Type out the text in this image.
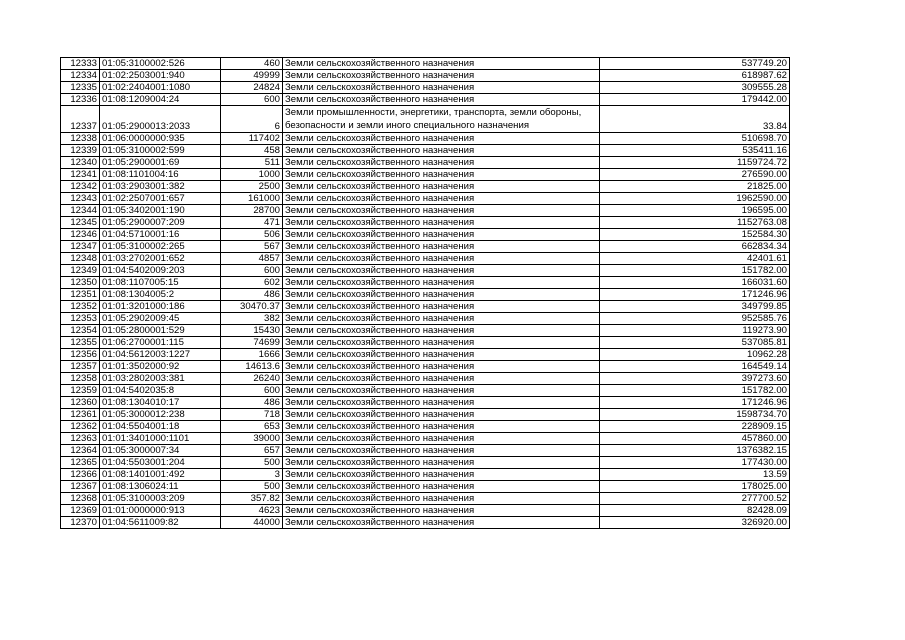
12333	01:05:3100002:526	460	Земли сельскохозяйственного назначения	537749.20
12334	01:02:2503001:940	49999	Земли сельскохозяйственного назначения	618987.62
12335	01:02:2404001:1080	24824	Земли сельскохозяйственного назначения	309555.28
12336	01:08:1209004:24	600	Земли сельскохозяйственного назначения	179442.00
12337	01:05:2900013:2033	6	Земли промышленности, энергетики, транспорта, земли обороны, безопасности и земли иного специального назначения	33.84
12338	01:06:0000000:935	117402	Земли сельскохозяйственного назначения	510698.70
12339	01:05:3100002:599	458	Земли сельскохозяйственного назначения	535411.16
12340	01:05:2900001:69	511	Земли сельскохозяйственного назначения	1159724.72
12341	01:08:1101004:16	1000	Земли сельскохозяйственного назначения	276590.00
12342	01:03:2903001:382	2500	Земли сельскохозяйственного назначения	21825.00
12343	01:02:2507001:657	161000	Земли сельскохозяйственного назначения	1962590.00
12344	01:05:3402001:190	28700	Земли сельскохозяйственного назначения	196595.00
12345	01:05:2900007:209	471	Земли сельскохозяйственного назначения	1152763.08
12346	01:04:5710001:16	506	Земли сельскохозяйственного назначения	152584.30
12347	01:05:3100002:265	567	Земли сельскохозяйственного назначения	662834.34
12348	01:03:2702001:652	4857	Земли сельскохозяйственного назначения	42401.61
12349	01:04:5402009:203	600	Земли сельскохозяйственного назначения	151782.00
12350	01:08:1107005:15	602	Земли сельскохозяйственного назначения	166031.60
12351	01:08:1304005:2	486	Земли сельскохозяйственного назначения	171246.96
12352	01:01:3201000:186	30470.37	Земли сельскохозяйственного назначения	349799.85
12353	01:05:2902009:45	382	Земли сельскохозяйственного назначения	952585.76
12354	01:05:2800001:529	15430	Земли сельскохозяйственного назначения	119273.90
12355	01:06:2700001:115	74699	Земли сельскохозяйственного назначения	537085.81
12356	01:04:5612003:1227	1666	Земли сельскохозяйственного назначения	10962.28
12357	01:01:3502000:92	14613.6	Земли сельскохозяйственного назначения	164549.14
12358	01:03:2802003:381	26240	Земли сельскохозяйственного назначения	397273.60
12359	01:04:5402035:8	600	Земли сельскохозяйственного назначения	151782.00
12360	01:08:1304010:17	486	Земли сельскохозяйственного назначения	171246.96
12361	01:05:3000012:238	718	Земли сельскохозяйственного назначения	1598734.70
12362	01:04:5504001:18	653	Земли сельскохозяйственного назначения	228909.15
12363	01:01:3401000:1101	39000	Земли сельскохозяйственного назначения	457860.00
12364	01:05:3000007:34	657	Земли сельскохозяйственного назначения	1376382.15
12365	01:04:5503001:204	500	Земли сельскохозяйственного назначения	177430.00
12366	01:08:1401001:492	3	Земли сельскохозяйственного назначения	13.59
12367	01:08:1306024:11	500	Земли сельскохозяйственного назначения	178025.00
12368	01:05:3100003:209	357.82	Земли сельскохозяйственного назначения	277700.52
12369	01:01:0000000:913	4623	Земли сельскохозяйственного назначения	82428.09
12370	01:04:5611009:82	44000	Земли сельскохозяйственного назначения	326920.00
